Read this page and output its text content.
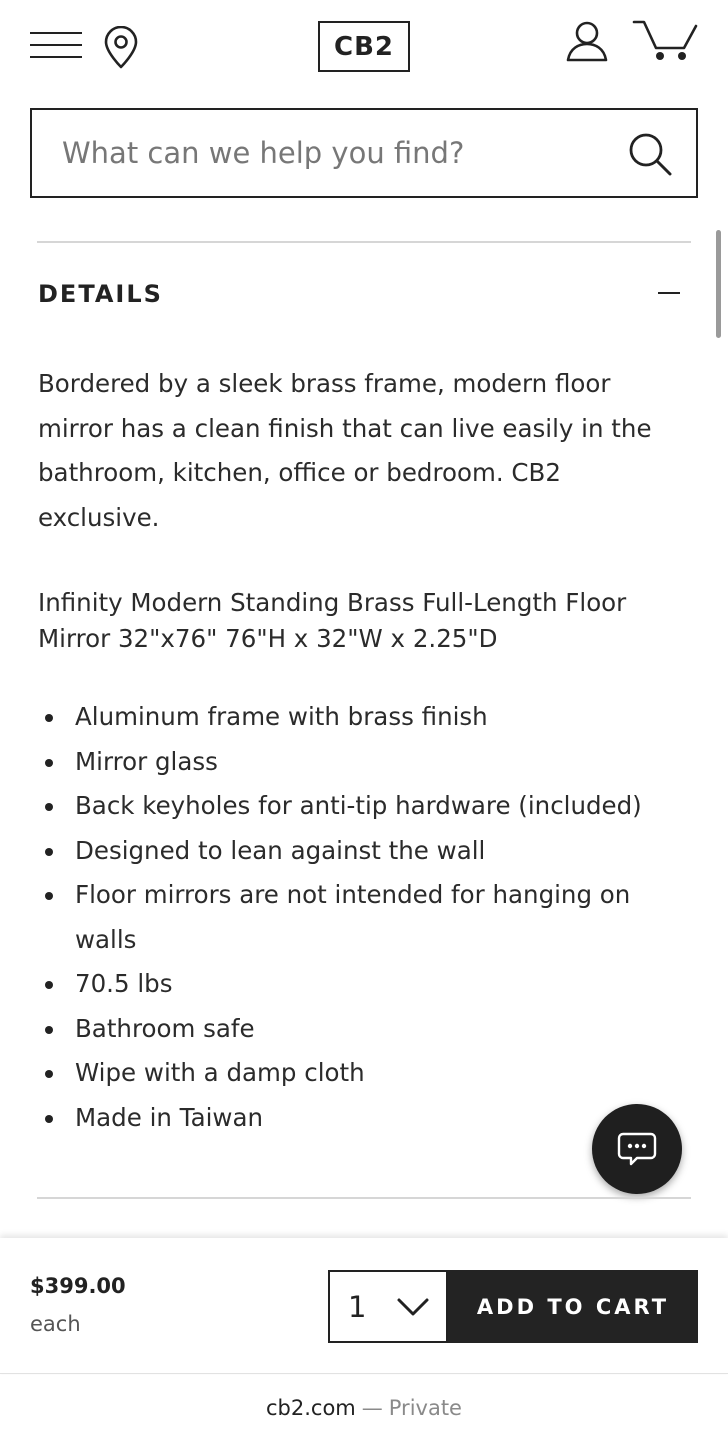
CB2
What can we help you find?
DETAILS

Bordered by a sleek brass frame, modern floor mirror has a clean finish that can live easily in the bathroom, kitchen, office or bedroom. CB2 exclusive.

Infinity Modern Standing Brass Full-Length Floor Mirror 32"x76" 76"H x 32"W x 2.25"D

Aluminum frame with brass finish
Mirror glass
Back keyholes for anti-tip hardware (included)
Designed to lean against the wall
Floor mirrors are not intended for hanging on walls
70.5 lbs
Bathroom safe
Wipe with a damp cloth
Made in Taiwan
$399.00
each	1	ADD TO CART
cb2.com — Private
